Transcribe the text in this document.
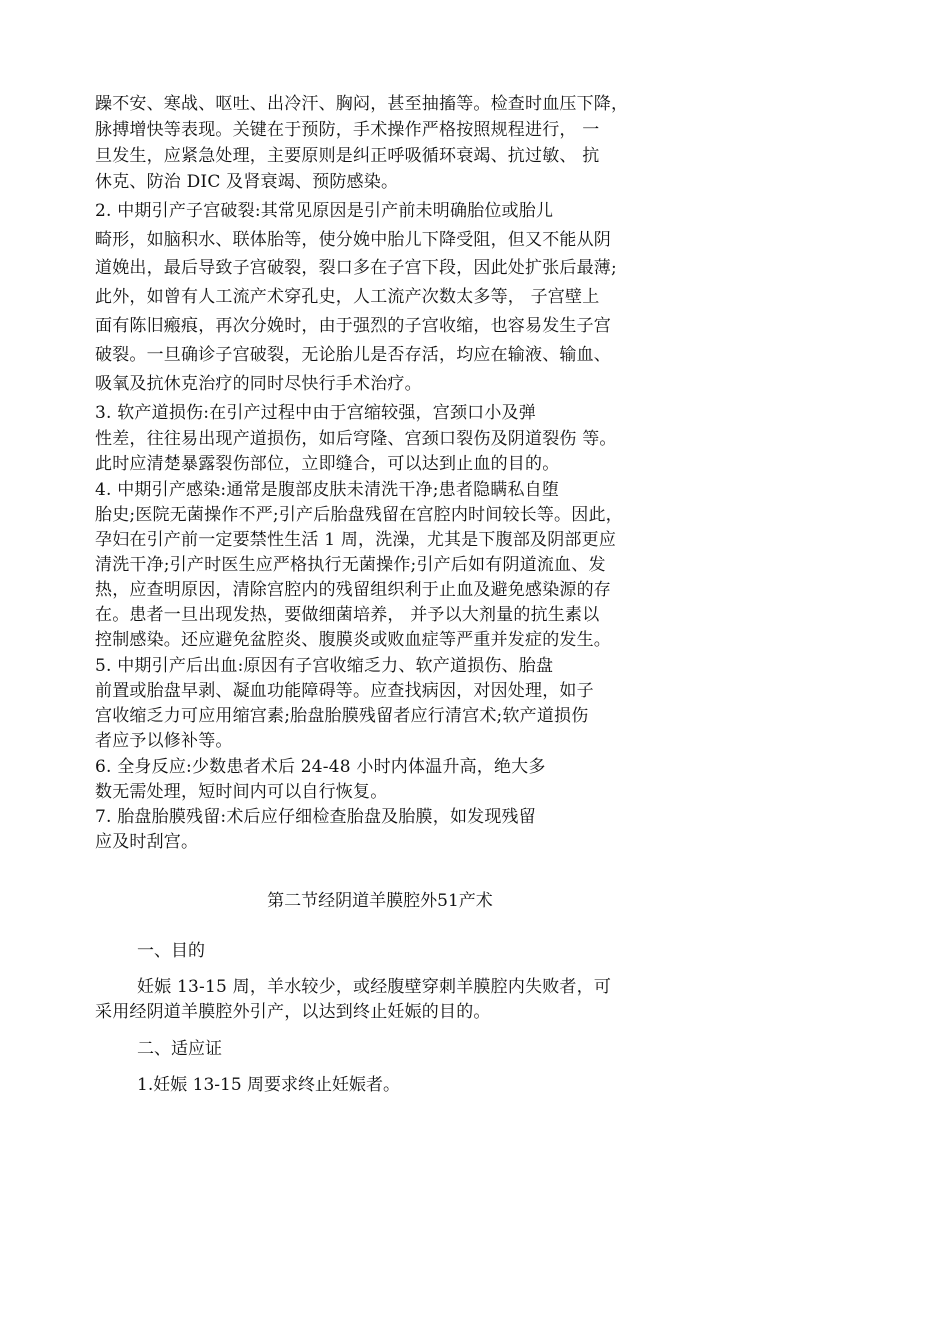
躁不安、寒战、呕吐、出冷汗、胸闷，甚至抽搐等。检查时血压下降，
脉搏增快等表现。关键在于预防，手术操作严格按照规程进行， 一
旦发生，应紧急处理，主要原则是纠正呼吸循环衰竭、抗过敏、 抗
休克、防治 DIC 及肾衰竭、预防感染。
2. 中期引产子宫破裂:其常见原因是引产前未明确胎位或胎儿
畸形，如脑积水、联体胎等，使分娩中胎儿下降受阻，但又不能从阴
道娩出，最后导致子宫破裂，裂口多在子宫下段，因此处扩张后最薄;
此外，如曾有人工流产术穿孔史，人工流产次数太多等， 子宫壁上
面有陈旧瘢痕，再次分娩时，由于强烈的子宫收缩，也容易发生子宫
破裂。一旦确诊子宫破裂，无论胎儿是否存活，均应在输液、输血、
吸氧及抗休克治疗的同时尽快行手术治疗。
3. 软产道损伤:在引产过程中由于宫缩较强，宫颈口小及弹
性差，往往易出现产道损伤，如后穹隆、宫颈口裂伤及阴道裂伤 等。
此时应清楚暴露裂伤部位，立即缝合，可以达到止血的目的。
4. 中期引产感染:通常是腹部皮肤未清洗干净;患者隐瞒私自堕
胎史;医院无菌操作不严;引产后胎盘残留在宫腔内时间较长等。因此，
孕妇在引产前一定要禁性生活 1 周，洗澡，尤其是下腹部及阴部更应
清洗干净;引产时医生应严格执行无菌操作;引产后如有阴道流血、发
热，应查明原因，清除宫腔内的残留组织利于止血及避免感染源的存
在。患者一旦出现发热，要做细菌培养， 并予以大剂量的抗生素以
控制感染。还应避免盆腔炎、腹膜炎或败血症等严重并发症的发生。
5. 中期引产后出血:原因有子宫收缩乏力、软产道损伤、胎盘
前置或胎盘早剥、凝血功能障碍等。应查找病因，对因处理，如子
宫收缩乏力可应用缩宫素;胎盘胎膜残留者应行清宫术;软产道损伤
者应予以修补等。
6. 全身反应:少数患者术后 24-48 小时内体温升高，绝大多
数无需处理，短时间内可以自行恢复。
7. 胎盘胎膜残留:术后应仔细检查胎盘及胎膜，如发现残留
应及时刮宫。
第二节经阴道羊膜腔外51产术
一、目的
妊娠 13-15 周，羊水较少，或经腹壁穿刺羊膜腔内失败者，可
采用经阴道羊膜腔外引产，以达到终止妊娠的目的。
二、适应证
1.妊娠 13-15 周要求终止妊娠者。
